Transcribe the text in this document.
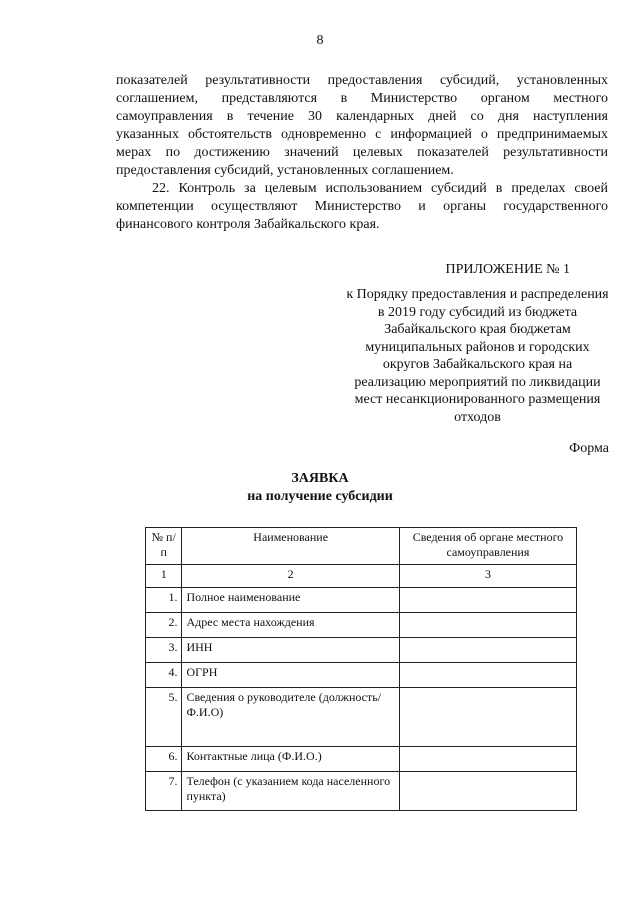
8

показателей результативности предоставления субсидий, установленных

соглашением, представляются в Министерство органом местного

самоуправления в течение 30 календарных дней со дня наступления

указанных обстоятельств одновременно с информацией о предпринимаемых

мерах по достижению значений целевых показателей результативности

предоставления субсидий, установленных соглашением.

22. Контроль за целевым использованием субсидий в пределах своей

компетенции осуществляют Министерство и органы государственного

финансового контроля Забайкальского края.

ПРИЛОЖЕНИЕ № 1
к Порядку предоставления и распределения
в 2019 году субсидий из бюджета
Забайкальского края бюджетам
муниципальных районов и городских
округов Забайкальского края на
реализацию мероприятий по ликвидации
мест несанкционированного размещения
отходов
Форма
ЗАЯВКА
на получение субсидии
№ п/п	Наименование	Сведения об органе местного самоуправления
1	2	3
1.	Полное наименование	
2.	Адрес места нахождения	
3.	ИНН	
4.	ОГРН	
5.	Сведения о руководителе (должность/ Ф.И.О)	
6.	Контактные лица (Ф.И.О.)	
7.	Телефон (с указанием кода населенного пункта)	
